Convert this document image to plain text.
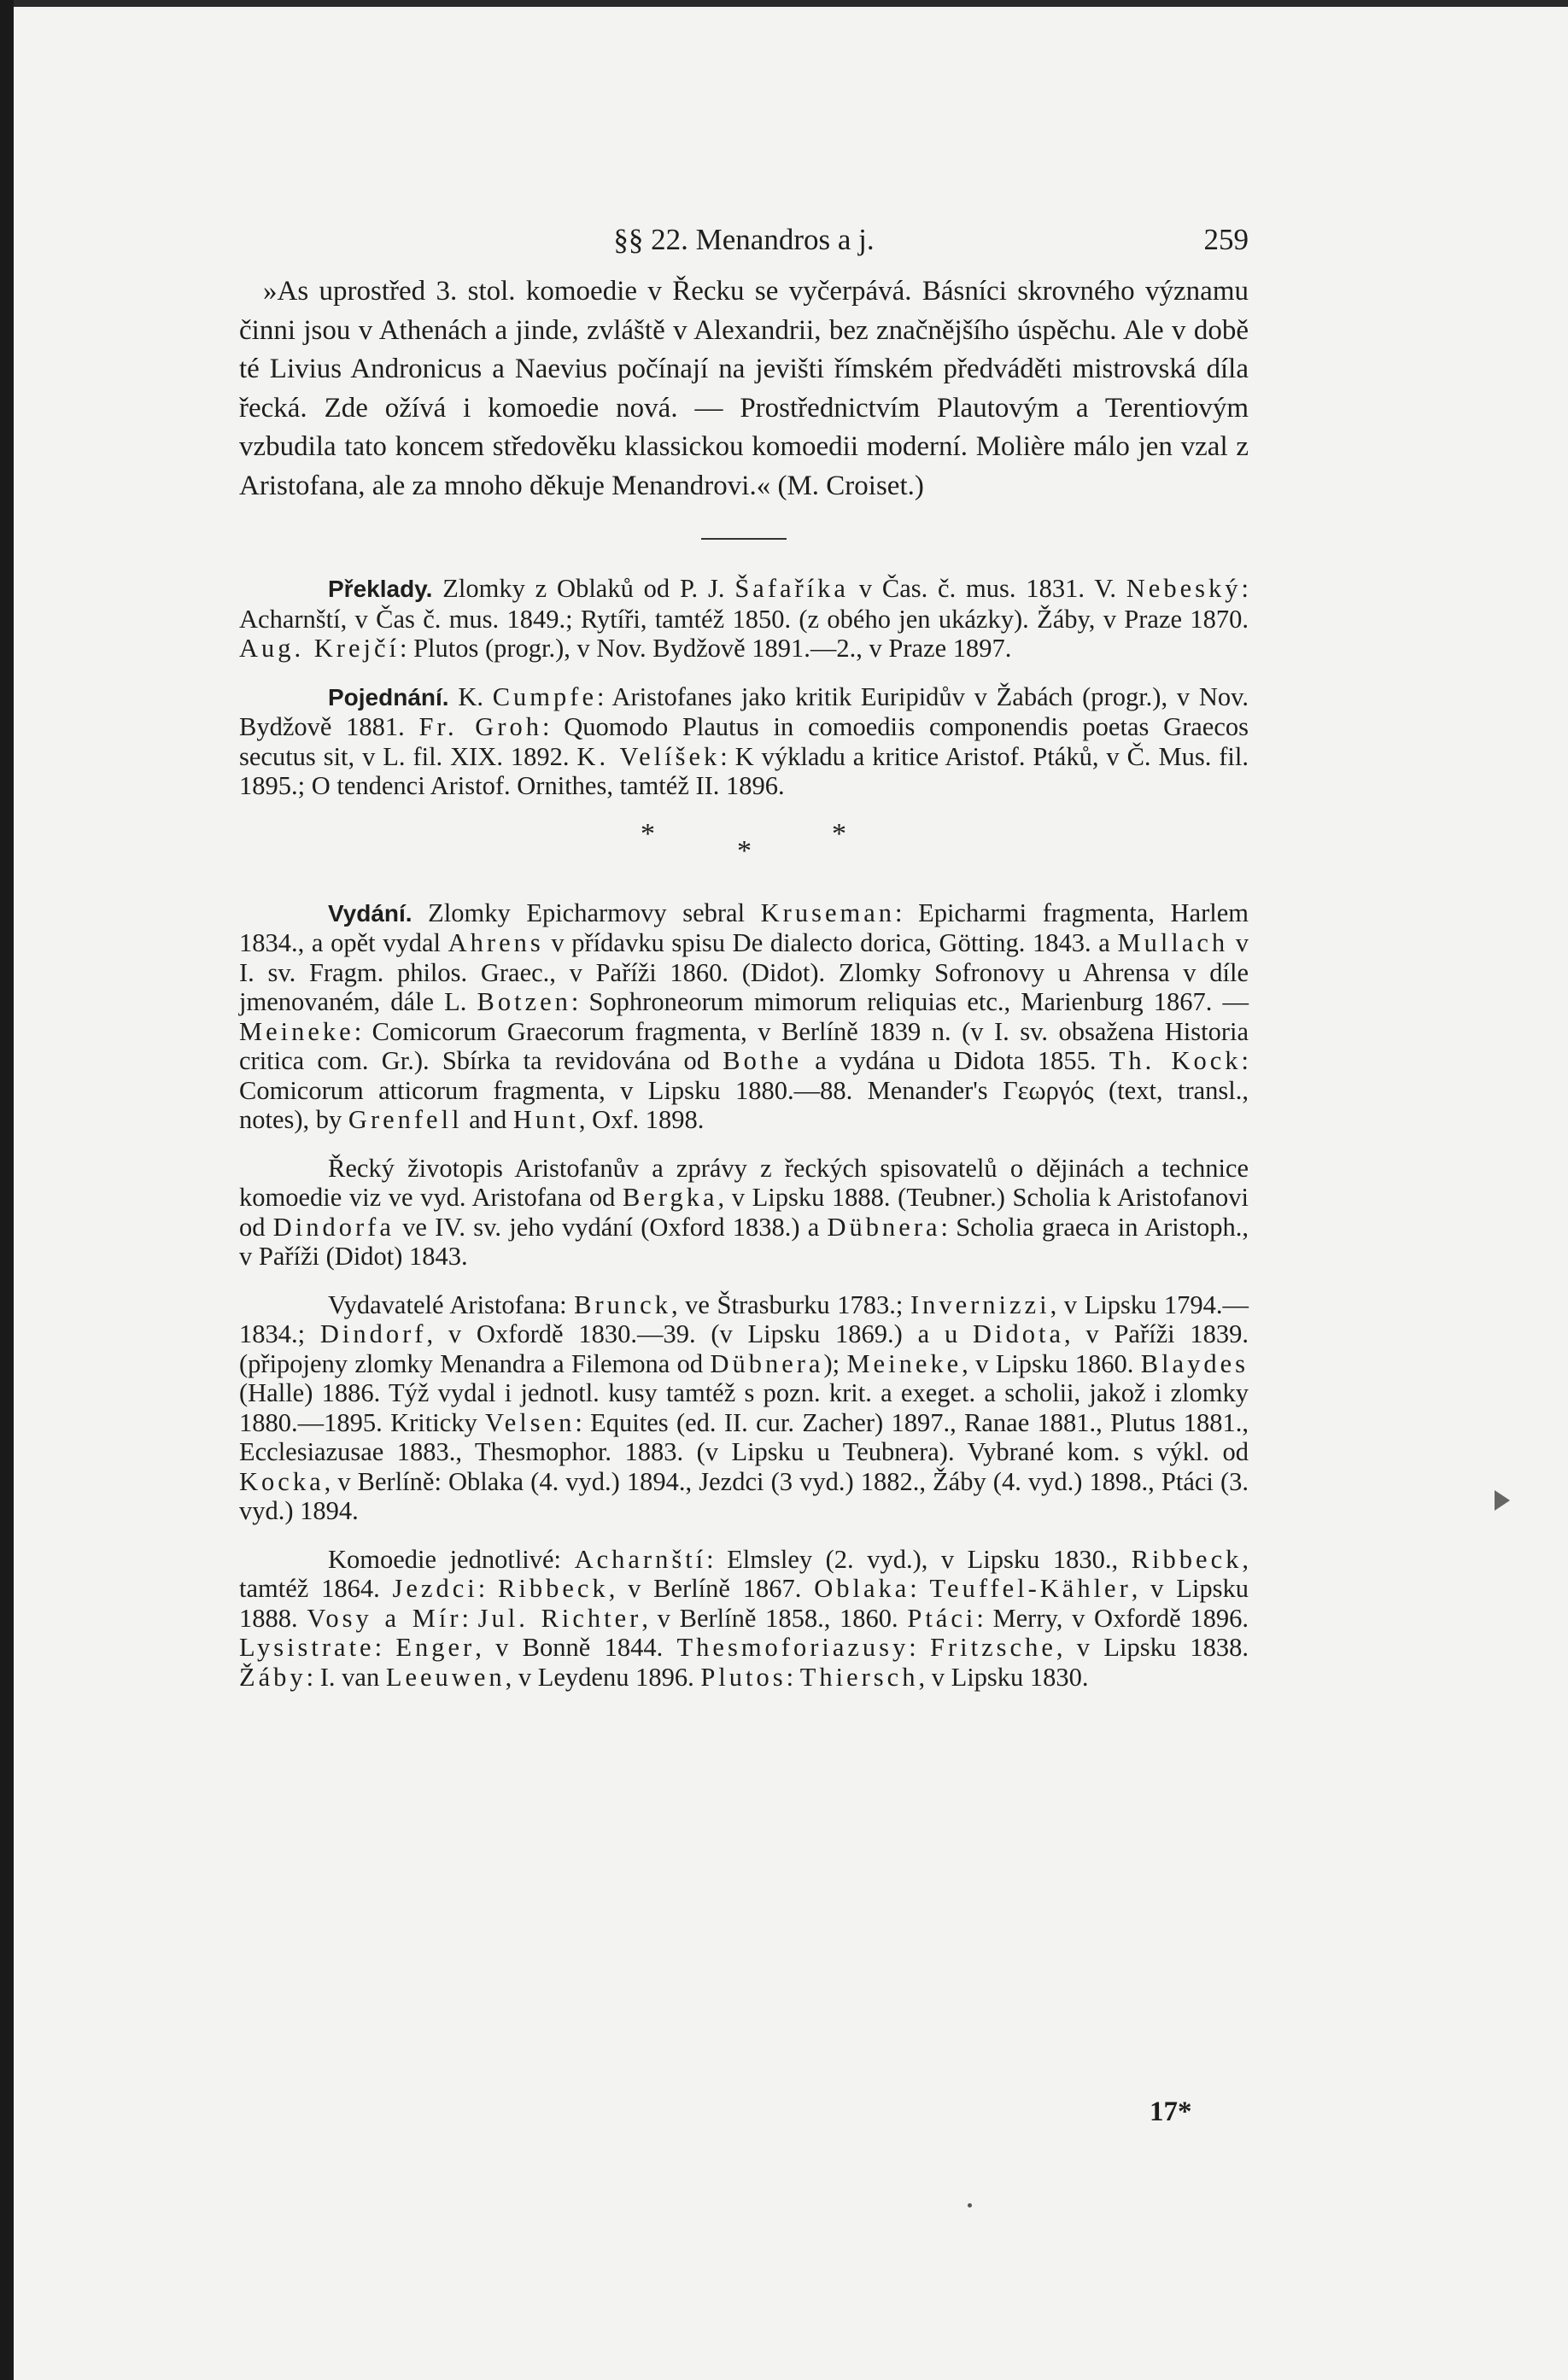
§§ 22. Menandros a j.	259

»As uprostřed 3. stol. komoedie v Řecku se vyčerpává. Básníci skrovného významu činni jsou v Athenách a jinde, zvláště v Alexandrii, bez značnějšího úspěchu. Ale v době té Livius Andronicus a Naevius počínají na jevišti římském předváděti mistrovská díla řecká. Zde ožívá i komoedie nová. — Prostřednictvím Plautovým a Terentiovým vzbudila tato koncem středověku klassickou komoedii moderní. Molière málo jen vzal z Aristofana, ale za mnoho děkuje Menandrovi.« (M. Croiset.)

Překlady. Zlomky z Oblaků od P. J. Šafaříka v Čas. č. mus. 1831. V. Nebeský: Acharnští, v Čas č. mus. 1849.; Rytíři, tamtéž 1850. (z obého jen ukázky). Žáby, v Praze 1870. Aug. Krejčí: Plutos (progr.), v Nov. Bydžově 1891.—2., v Praze 1897.

Pojednání. K. Cumpfe: Aristofanes jako kritik Euripidův v Žabách (progr.), v Nov. Bydžově 1881. Fr. Groh: Quomodo Plautus in comoediis componendis poetas Graecos secutus sit, v L. fil. XIX. 1892. K. Velíšek: K výkladu a kritice Aristof. Ptáků, v Č. Mus. fil. 1895.; O tendenci Aristof. Ornithes, tamtéž II. 1896.

*
*
*

Vydání. Zlomky Epicharmovy sebral Kruseman: Epicharmi fragmenta, Harlem 1834., a opět vydal Ahrens v přídavku spisu De dialecto dorica, Götting. 1843. a Mullach v I. sv. Fragm. philos. Graec., v Paříži 1860. (Didot). Zlomky Sofronovy u Ahrensa v díle jmenovaném, dále L. Botzen: Sophroneorum mimorum reliquias etc., Marienburg 1867. — Meineke: Comicorum Graecorum fragmenta, v Berlíně 1839 n. (v I. sv. obsažena Historia critica com. Gr.). Sbírka ta revidována od Bothe a vydána u Didota 1855. Th. Kock: Comicorum atticorum fragmenta, v Lipsku 1880.—88. Menander's Γεωργός (text, transl., notes), by Grenfell and Hunt, Oxf. 1898.

Řecký životopis Aristofanův a zprávy z řeckých spisovatelů o dějinách a technice komoedie viz ve vyd. Aristofana od Bergka, v Lipsku 1888. (Teubner.) Scholia k Aristofanovi od Dindorfa ve IV. sv. jeho vydání (Oxford 1838.) a Dübnera: Scholia graeca in Aristoph., v Paříži (Didot) 1843.

Vydavatelé Aristofana: Brunck, ve Štrasburku 1783.; Invernizzi, v Lipsku 1794.—1834.; Dindorf, v Oxfordě 1830.—39. (v Lipsku 1869.) a u Didota, v Paříži 1839. (připojeny zlomky Menandra a Filemona od Dübnera); Meineke, v Lipsku 1860. Blaydes (Halle) 1886. Týž vydal i jednotl. kusy tamtéž s pozn. krit. a exeget. a scholii, jakož i zlomky 1880.—1895. Kriticky Velsen: Equites (ed. II. cur. Zacher) 1897., Ranae 1881., Plutus 1881., Ecclesiazusae 1883., Thesmophor. 1883. (v Lipsku u Teubnera). Vybrané kom. s výkl. od Kocka, v Berlíně: Oblaka (4. vyd.) 1894., Jezdci (3 vyd.) 1882., Žáby (4. vyd.) 1898., Ptáci (3. vyd.) 1894.

Komoedie jednotlivé: Acharnští: Elmsley (2. vyd.), v Lipsku 1830., Ribbeck, tamtéž 1864. Jezdci: Ribbeck, v Berlíně 1867. Oblaka: Teuffel-Kähler, v Lipsku 1888. Vosy a Mír: Jul. Richter, v Berlíně 1858., 1860. Ptáci: Merry, v Oxfordě 1896. Lysistrate: Enger, v Bonně 1844. Thesmoforiazusy: Fritzsche, v Lipsku 1838. Žáby: I. van Leeuwen, v Leydenu 1896. Plutos: Thiersch, v Lipsku 1830.

17*
